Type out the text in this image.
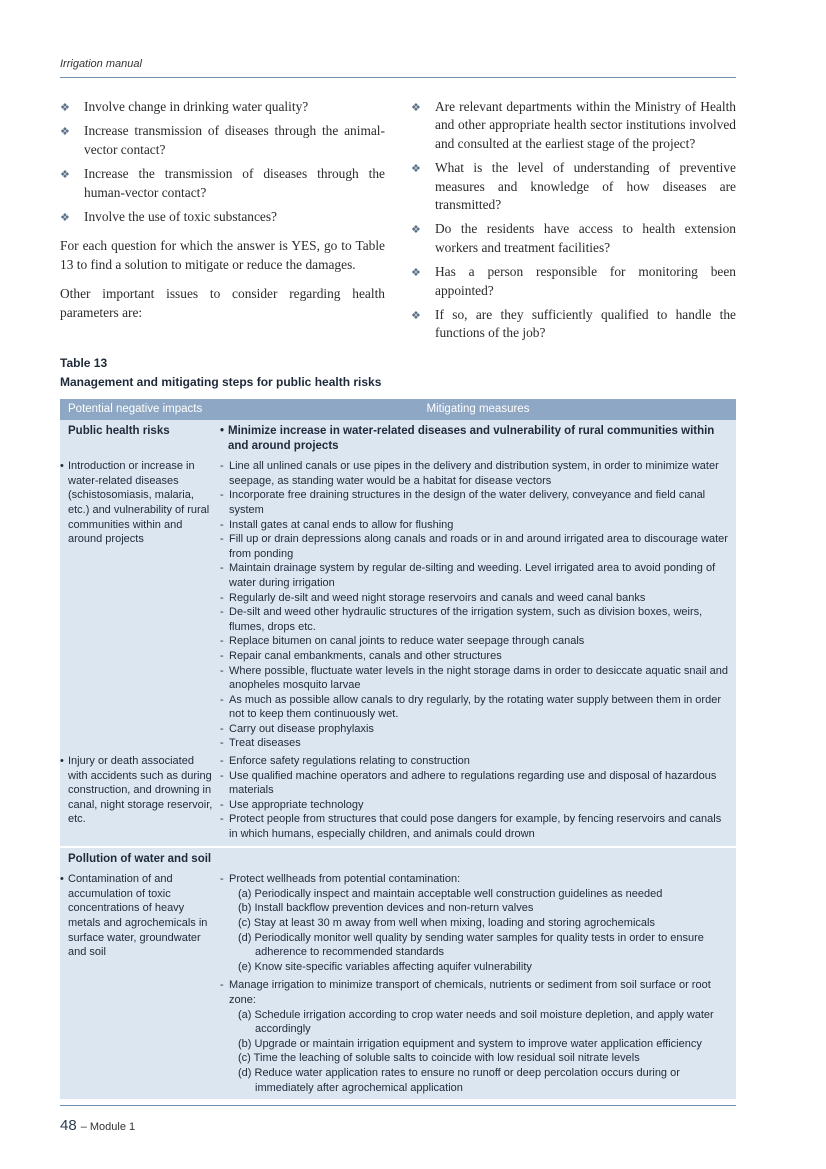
Irrigation manual
❖ Involve change in drinking water quality?
❖ Increase transmission of diseases through the animal-vector contact?
❖ Increase the transmission of diseases through the human-vector contact?
❖ Involve the use of toxic substances?

For each question for which the answer is YES, go to Table 13 to find a solution to mitigate or reduce the damages.

Other important issues to consider regarding health parameters are:

❖ Are relevant departments within the Ministry of Health and other appropriate health sector institutions involved and consulted at the earliest stage of the project?
❖ What is the level of understanding of preventive measures and knowledge of how diseases are transmitted?
❖ Do the residents have access to health extension workers and treatment facilities?
❖ Has a person responsible for monitoring been appointed?
❖ If so, are they sufficiently qualified to handle the functions of the job?
Table 13
Management and mitigating steps for public health risks
Potential negative impacts	Mitigating measures
Public health risks	• Minimize increase in water-related diseases and vulnerability of rural communities within and around projects
• Introduction or increase in water-related diseases (schistosomiasis, malaria, etc.) and vulnerability of rural communities within and around projects
- Line all unlined canals or use pipes in the delivery and distribution system, in order to minimize water seepage, as standing water would be a habitat for disease vectors
- Incorporate free draining structures in the design of the water delivery, conveyance and field canal system
- Install gates at canal ends to allow for flushing
- Fill up or drain depressions along canals and roads or in and around irrigated area to discourage water from ponding
- Maintain drainage system by regular de-silting and weeding. Level irrigated area to avoid ponding of water during irrigation
- Regularly de-silt and weed night storage reservoirs and canals and weed canal banks
- De-silt and weed other hydraulic structures of the irrigation system, such as division boxes, weirs, flumes, drops etc.
- Replace bitumen on canal joints to reduce water seepage through canals
- Repair canal embankments, canals and other structures
- Where possible, fluctuate water levels in the night storage dams in order to desiccate aquatic snail and anopheles mosquito larvae
- As much as possible allow canals to dry regularly, by the rotating water supply between them in order not to keep them continuously wet.
- Carry out disease prophylaxis
- Treat diseases
• Injury or death associated with accidents such as during construction, and drowning in canal, night storage reservoir, etc.
- Enforce safety regulations relating to construction
- Use qualified machine operators and adhere to regulations regarding use and disposal of hazardous materials
- Use appropriate technology
- Protect people from structures that could pose dangers for example, by fencing reservoirs and canals in which humans, especially children, and animals could drown
Pollution of water and soil
• Contamination of and accumulation of toxic concentrations of heavy metals and agrochemicals in surface water, groundwater and soil
- Protect wellheads from potential contamination:
(a) Periodically inspect and maintain acceptable well construction guidelines as needed
(b) Install backflow prevention devices and non-return valves
(c) Stay at least 30 m away from well when mixing, loading and storing agrochemicals
(d) Periodically monitor well quality by sending water samples for quality tests in order to ensure adherence to recommended standards
(e) Know site-specific variables affecting aquifer vulnerability
- Manage irrigation to minimize transport of chemicals, nutrients or sediment from soil surface or root zone:
(a) Schedule irrigation according to crop water needs and soil moisture depletion, and apply water accordingly
(b) Upgrade or maintain irrigation equipment and system to improve water application efficiency
(c) Time the leaching of soluble salts to coincide with low residual soil nitrate levels
(d) Reduce water application rates to ensure no runoff or deep percolation occurs during or immediately after agrochemical application
48 – Module 1
